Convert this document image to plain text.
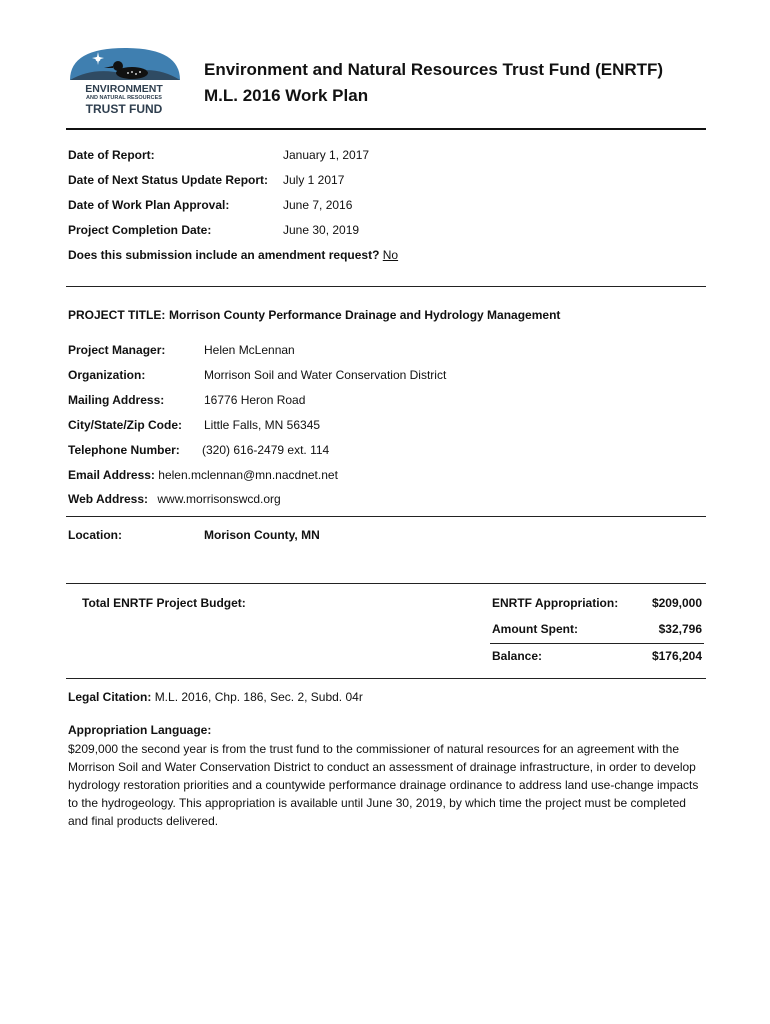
ENVIRONMENT
AND NATURAL RESOURCES
TRUST FUND
Environment and Natural Resources Trust Fund (ENRTF)
M.L. 2016 Work Plan
Date of Report:	January 1, 2017
Date of Next Status Update Report: July 1 2017
Date of Work Plan Approval:	June 7, 2016
Project Completion Date:	June 30, 2019
Does this submission include an amendment request? No
PROJECT TITLE: Morrison County Performance Drainage and Hydrology Management
Project Manager:	Helen McLennan
Organization:	Morrison Soil and Water Conservation District
Mailing Address:	16776 Heron Road
City/State/Zip Code: Little Falls, MN 56345
Telephone Number: (320) 616-2479 ext. 114
Email Address: helen.mclennan@mn.nacdnet.net
Web Address: www.morrisonswcd.org
Location:	Morison County, MN
Total ENRTF Project Budget:	ENRTF Appropriation:	$209,000
Amount Spent:	$32,796
Balance:	$176,204
Legal Citation: M.L. 2016, Chp. 186, Sec. 2, Subd. 04r
Appropriation Language:
$209,000 the second year is from the trust fund to the commissioner of natural resources for an agreement with the Morrison Soil and Water Conservation District to conduct an assessment of drainage infrastructure, in order to develop hydrology restoration priorities and a countywide performance drainage ordinance to address land use-change impacts to the hydrogeology. This appropriation is available until June 30, 2019, by which time the project must be completed and final products delivered.
